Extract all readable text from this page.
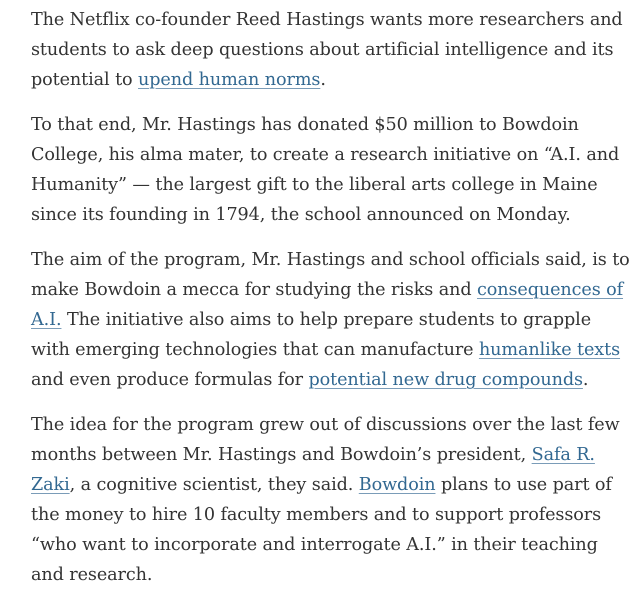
The Netflix co-founder Reed Hastings wants more researchers and students to ask deep questions about artificial intelligence and its potential to upend human norms.

To that end, Mr. Hastings has donated $50 million to Bowdoin College, his alma mater, to create a research initiative on “A.I. and Humanity” — the largest gift to the liberal arts college in Maine since its founding in 1794, the school announced on Monday.

The aim of the program, Mr. Hastings and school officials said, is to make Bowdoin a mecca for studying the risks and consequences of A.I. The initiative also aims to help prepare students to grapple with emerging technologies that can manufacture humanlike texts and even produce formulas for potential new drug compounds.

The idea for the program grew out of discussions over the last few months between Mr. Hastings and Bowdoin’s president, Safa R. Zaki, a cognitive scientist, they said. Bowdoin plans to use part of the money to hire 10 faculty members and to support professors “who want to incorporate and interrogate A.I.” in their teaching and research.
